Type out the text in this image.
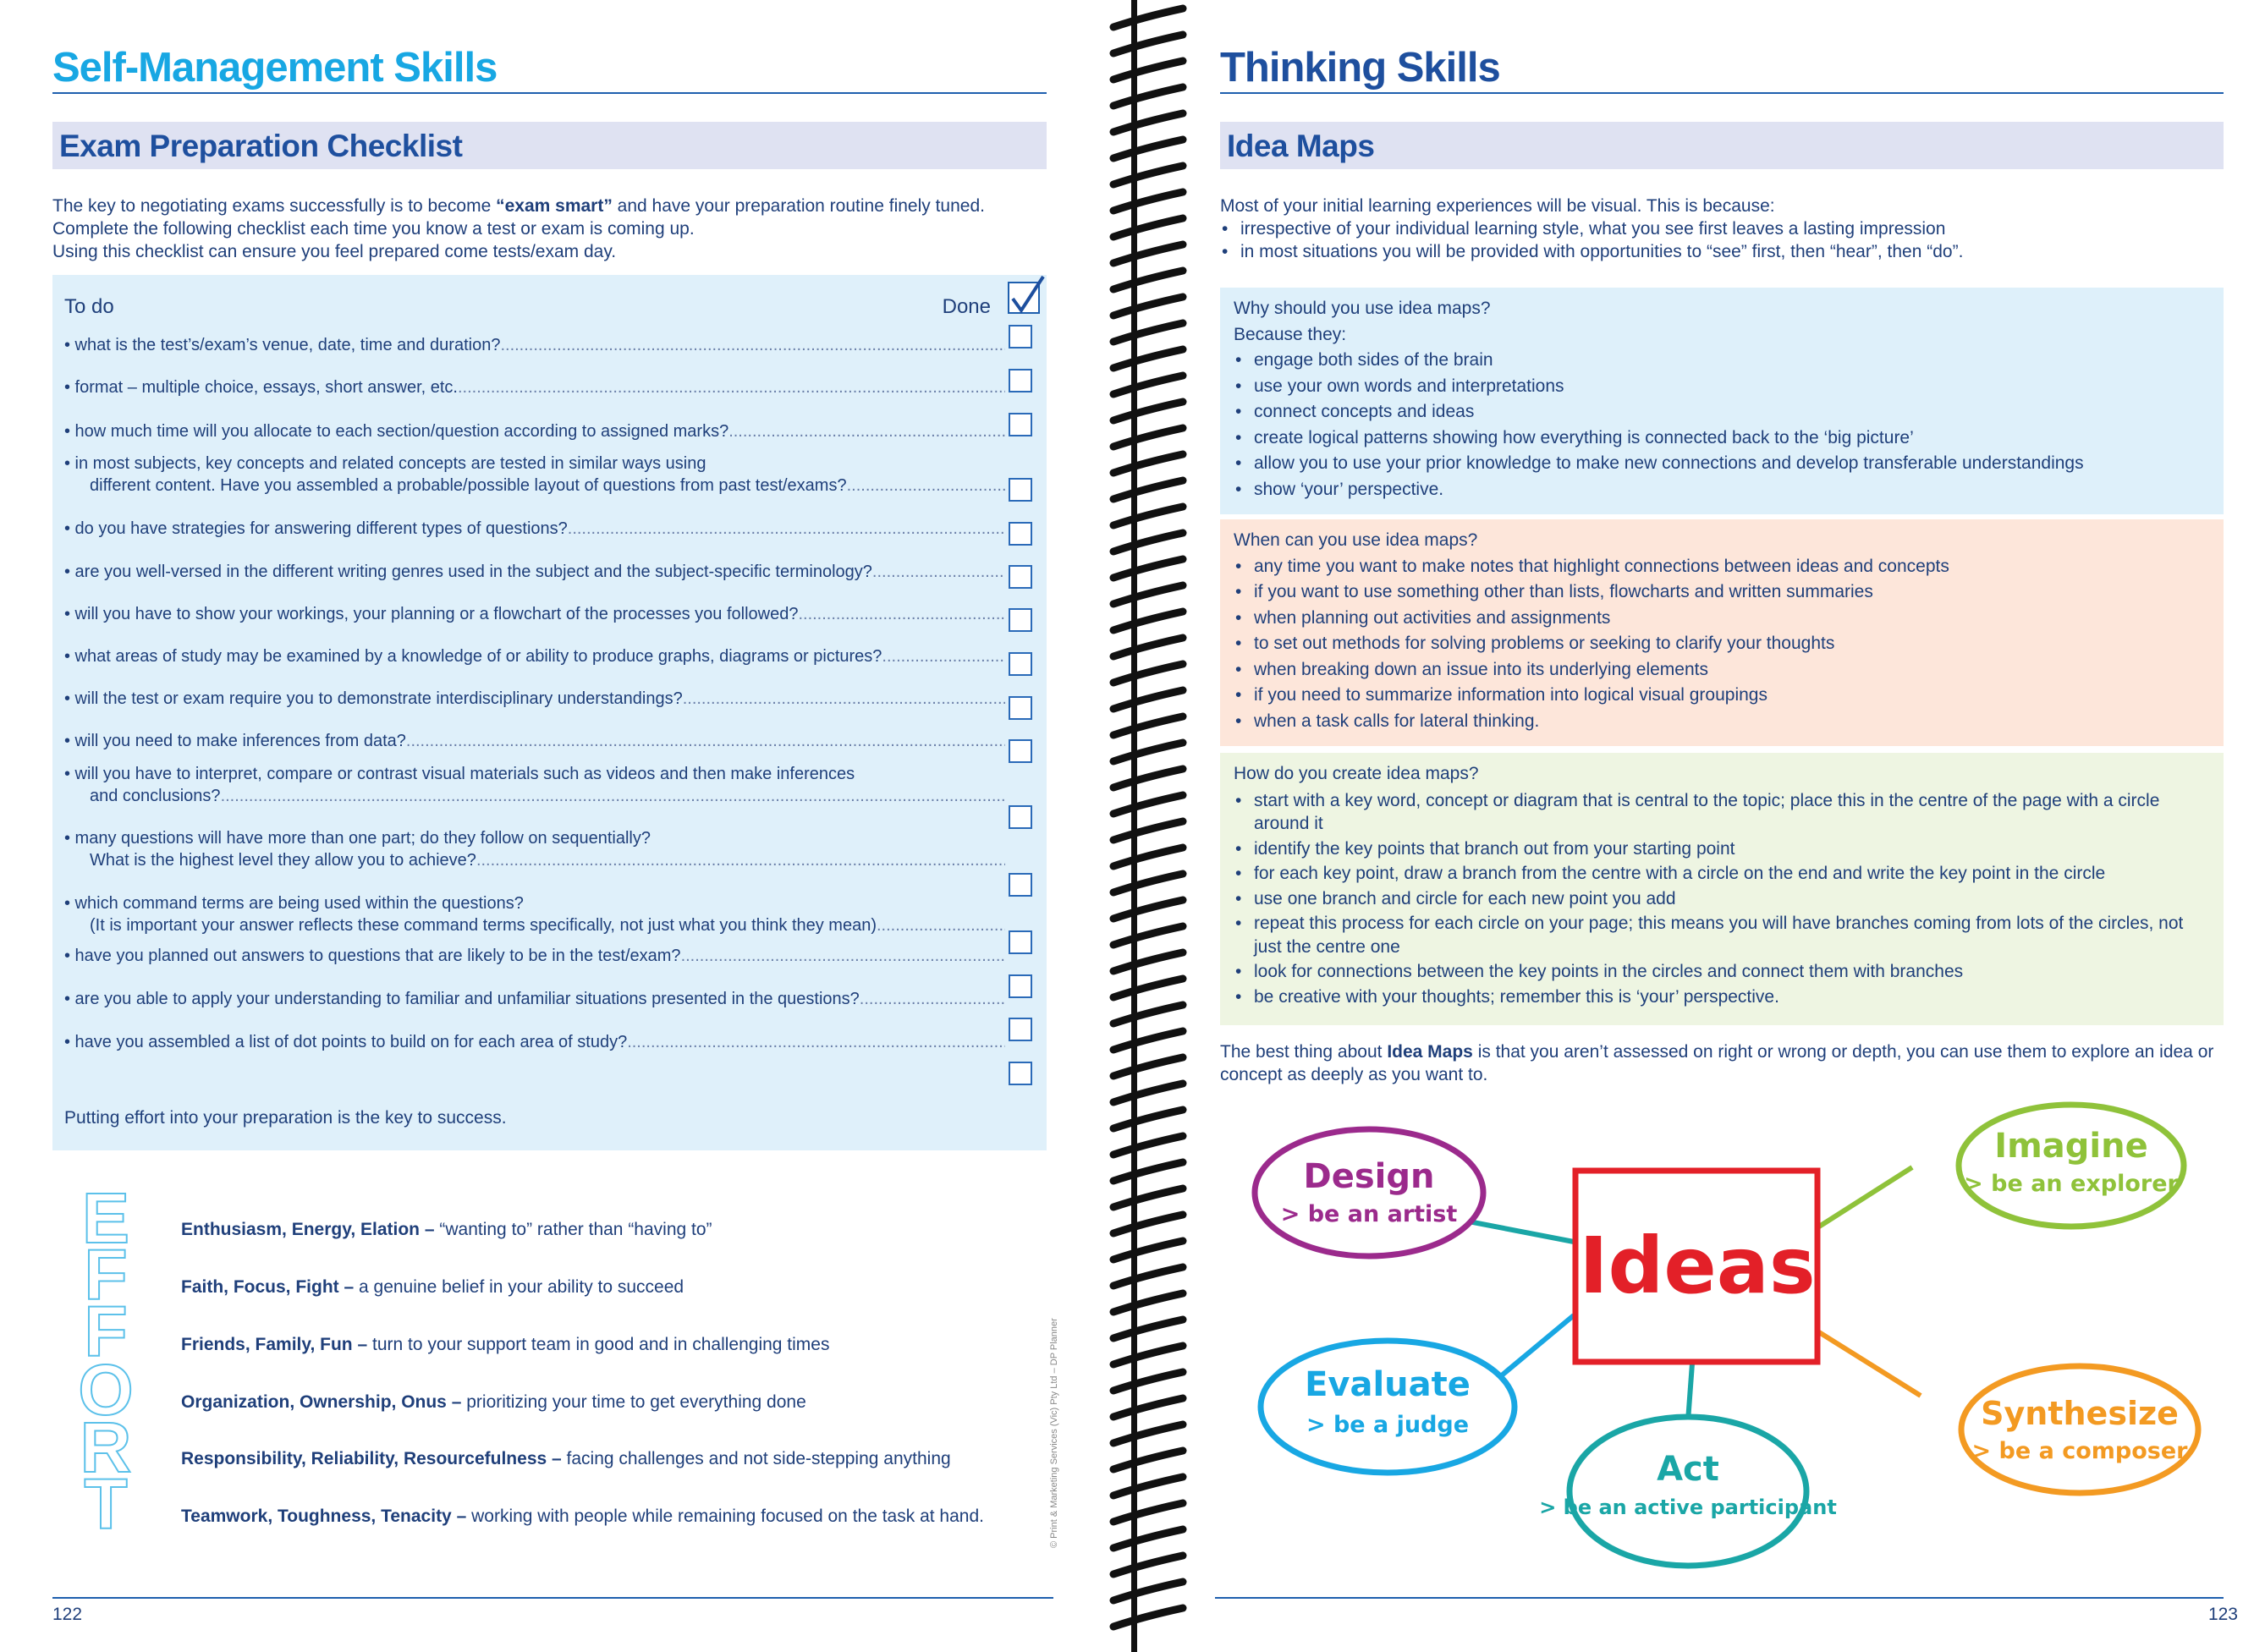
Self-Management Skills
Exam Preparation Checklist
The key to negotiating exams successfully is to become “exam smart” and have your preparation routine finely tuned.
Complete the following checklist each time you know a test or exam is coming up.
Using this checklist can ensure you feel prepared come tests/exam day.
To do	Done
• what is the test’s/exam’s venue, date, time and duration?
.....
• format – multiple choice, essays, short answer, etc.
.....
• how much time will you allocate to each section/question according to assigned marks?
.....
• in most subjects, key concepts and related concepts are tested in similar ways using
different content. Have you assembled a probable/possible layout of questions from past test/exams?
.....
• do you have strategies for answering different types of questions?
.....
• are you well-versed in the different writing genres used in the subject and the subject-specific terminology?
.....
• will you have to show your workings, your planning or a flowchart of the processes you followed?
.....
• what areas of study may be examined by a knowledge of or ability to produce graphs, diagrams or pictures?
.....
• will the test or exam require you to demonstrate interdisciplinary understandings?
.....
• will you need to make inferences from data?
.....
• will you have to interpret, compare or contrast visual materials such as videos and then make inferences
and conclusions?
.....
• many questions will have more than one part; do they follow on sequentially?
What is the highest level they allow you to achieve?
.....
• which command terms are being used within the questions?
(It is important your answer reflects these command terms specifically, not just what you think they mean)
.....
• have you planned out answers to questions that are likely to be in the test/exam?
.....
• are you able to apply your understanding to familiar and unfamiliar situations presented in the questions?
.....
• have you assembled a list of dot points to build on for each area of study?
.....
Putting effort into your preparation is the key to success.
E
F
F
O
R
T
Enthusiasm, Energy, Elation – “wanting to” rather than “having to”
Faith, Focus, Fight – a genuine belief in your ability to succeed
Friends, Family, Fun – turn to your support team in good and in challenging times
Organization, Ownership, Onus – prioritizing your time to get everything done
Responsibility, Reliability, Resourcefulness – facing challenges and not side-stepping anything
Teamwork, Toughness, Tenacity – working with people while remaining focused on the task at hand.	© Print & Marketing Services (Vic) Pty Ltd – DP Planner
122
Thinking Skills
Idea Maps
Most of your initial learning experiences will be visual. This is because:
• irrespective of your individual learning style, what you see first leaves a lasting impression
• in most situations you will be provided with opportunities to “see” first, then “hear”, then “do”.
Why should you use idea maps?
Because they:
• engage both sides of the brain
• use your own words and interpretations
• connect concepts and ideas
• create logical patterns showing how everything is connected back to the ‘big picture’
• allow you to use your prior knowledge to make new connections and develop transferable understandings
• show ‘your’ perspective.
When can you use idea maps?
• any time you want to make notes that highlight connections between ideas and concepts
• if you want to use something other than lists, flowcharts and written summaries
• when planning out activities and assignments
• to set out methods for solving problems or seeking to clarify your thoughts
• when breaking down an issue into its underlying elements
• if you need to summarize information into logical visual groupings
• when a task calls for lateral thinking.
How do you create idea maps?
• start with a key word, concept or diagram that is central to the topic; place this in the centre of the page with a circle around it
• identify the key points that branch out from your starting point
• for each key point, draw a branch from the centre with a circle on the end and write the key point in the circle
• use one branch and circle for each new point you add
• repeat this process for each circle on your page; this means you will have branches coming from lots of the circles, not just the centre one
• look for connections between the key points in the circles and connect them with branches
• be creative with your thoughts; remember this is ‘your’ perspective.
The best thing about Idea Maps is that you aren’t assessed on right or wrong or depth, you can use them to explore an idea or concept as deeply as you want to.
Ideas
Design
> be an artist
Imagine
> be an explorer
Evaluate
> be a judge	Synthesize
> be a composer
Act
> be an active participant
123
